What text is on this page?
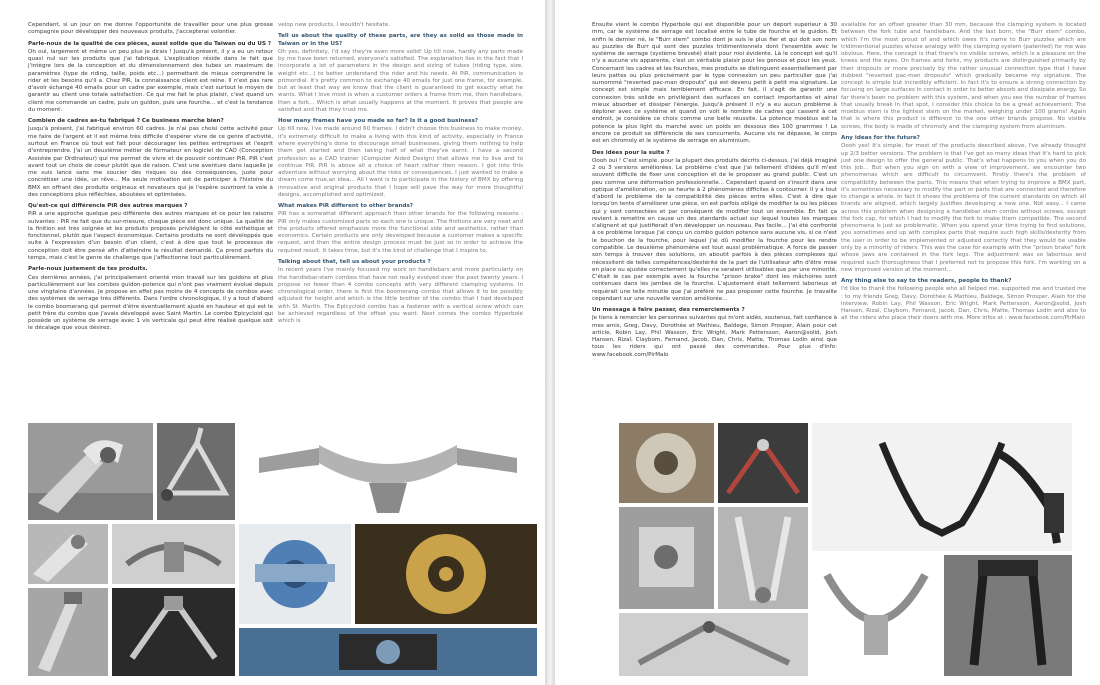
Cependant, si un jour on me donne l'opportunité de travailler pour une plus grosse compagnie pour développer des nouveaux produits, j'accepterai volontier.

Parle-nous de la qualité de ces pièces, aussi solide que du Taïwan ou du US ?

Oh oui, largement et même un peu plus je dirais ! Jusqu'à présent, il y a eu un retour quasi nul sur les produits que j'ai fabriqué. L'explication réside dans le fait que j'intègre lors de la conception et du dimensionnement des tubes un maximum de paramètres (type de riding, taille, poids etc...) permettant de mieux comprendre le rider et les besoins qu'il a. Chez PiR, la connaissance client est reine. Il n'est pas rare d'avoir échangé 40 emails pour un cadre par exemple, mais c'est surtout le moyen de garantir au client une totale satisfaction. Ce qui me fait le plus plaisir, c'est quand un client me commande un cadre, puis un guidon, puis une fourche... et c'est la tendance du moment.

Combien de cadres as-tu fabriqué ? Ce business marche bien?

Jusqu'à présent, j'ai fabriqué environ 60 cadres. Je n'ai pas choisi cette activité pour me faire de l'argent et il est même très difficile d'espérer vivre de ce genre d'activité, surtout en France où tout est fait pour décourager les petites entreprises et l'esprit d'entreprendre. J'ai un deuxième métier de formateur en logiciel de CAO (Conception Assistée par Ordinateur) qui me permet de vivre et de pouvoir continuer PiR. PiR c'est avant tout un choix de coeur plutôt que de raison. C'est une aventure dans laquelle je me suis lancé sans me soucier des risques ou des conséquences, juste pour concrétiser une idée, un rêve... Ma seule motivation est de participer à l'histoire du BMX en offrant des produits originaux et novateurs qui je l'espère ouvriront la voie à des conceptions plus réfléchies, aboutées et optimisées.

Qu'est-ce qui différencie PiR des autres marques ?

PiR a une approche quelque peu différente des autres marques et ce pour les raisons suivantes : PiR ne fait que du sur-mesure, chaque pièce est donc unique. La qualité de la finition est très soignée et les produits proposés privilégient le côté esthétique et fonctionnel, plutôt que l'aspect économique. Certains produits ne sont développés que suite à l'expression d'un besoin d'un client, c'est à dire que tout le processus de conception doit être pensé afin d'atteindre le résultat demandé. Ça prend parfois du temps, mais c'est le genre de challenge que j'affectionne tout particulièrement.

Parle-nous justement de tes produits.

Ces dernières années, j'ai principalement orienté mon travail sur les guidons et plus particulièrement sur les combos guidon-potence qui n'ont pas vraiment évolué depuis une vingtaine d'années. Je propose en effet pas moins de 4 concepts de combos avec des systèmes de serrage très différents. Dans l'ordre chronologique, il y a tout d'abord le combo boomerang qui permet d'être éventuellement ajusté en hauteur et qui est le petit frère du combo que j'avais développé avec Saint Martin. Le combo Epicycloid qui possède un système de serrage avec 1 vis verticale qui peut être réalisé quelque soit le décalage que vous désirez.

velop new products, I wouldn't hesitate.

Tell us about the quality of these parts, are they as solid as those made in Taiwan or in the US?

Oh yes, definitely, I'd say they're even more solid! Up till now, hardly any parts made by me have been returned, everyone's satisfied. The explanation lies in the fact that I incorporate a lot of parameters in the design and sizing of tubes (riding type, size, weight etc...) to better understand the rider and his needs. At PiR, communication is primordial. It's pretty common to exchange 40 emails for just one frame, for example, but at least that way we know that the client is guaranteed to get exactly what he wants. What I love most is when a customer orders a frame from me, then handlebars, then a fork... Which is what usually happens at the moment. It proves that people are satisfied and that they trust me.

How many frames have you made so far? Is it a good business?

Up till now, I've made around 60 frames. I didn't choose this business to make money, it's extremely difficult to make a living with this kind of activity, especially in France where everything's done to discourage small businesses, giving them nothing to help them get started and then taking half of what they've earnt. I have a second profession as a CAD trainer (Computer Aided Design) that allows me to live and to continue PiR. PiR is above all a choice of heart rather then reason. I got into this adventure without worrying about the risks or consequences, I just wanted to make a dream come true,an idea... All I want is to participate in the history of BMX by offering innovative and original products that I hope will pave the way for more thoughtful designs, accomplished and optimized.

What makes PiR different to other brands?

PiR has a somewhat different approach than other brands for the following reasons : PiR only makes customized parts so each one is unique. The finitions are very neat and the products offered emphasize more the functional side and aesthetics, rather than economics. Certain products are only developed because a customer makes a specific request, and then the entire design process must be just so in order to achieve the required result. It takes time, but it's the kind of challenge that I inspire to.

Talking about that, tell us about your products ?

In recent years I've mainly focused my work on handlebars and more particularly on the handlebar-stem combos that have not really evolved over the past twenty years. I propose no fewer than 4 combo concepts with very different clamping systems. In chronological order, there is first the boomerang combo that allows it to be possibly adjusted for height and which is the little brother of the combo that I had developed with St. Martin. The Epicycloid combo has a fastener with a vertical screw which can be achieved regardless of the offset you want. Next comes the combo Hyperbole which is

Ensuite vient le combo Hyperbole qui est disponible pour un déport supérieur à 30 mm, car le système de serrage est localisé entre le tube de fourche et le guidon. Et enfin le dernier né, le "Burr stem" combo dont je suis le plus fier et qui doit son nom au puzzles de Burr qui sont des puzzles tridimentionnels dont l'ensemble avec le système de serrage (système breveté) était pour moi évidente. Là le concept est qu'il n'y a aucune vis apparente, c'est un véritable plaisir pour les genoux et pour les yeux. Concernant les cadres et les fourches, mes produits se distinguent essentiellement par leurs pattes ou plus précisément par le type connexion un peu particulier que j'ai surnommé "reverted pac-man dropouts" qui est devenu petit à petit ma signature. Le concept est simple mais terriblement efficace. En fait, il s'agit de garantir une connexion très solide en privilégiant des surfaces en contact importantes et ainsi mieux absorber et dissiper l'énergie. Jusqu'à présent il n'y a eu aucun problème à déplorer avec ce système et quand on voit le nombre de cadres qui cassent à cet endroit, je considère ce choix comme une belle réussite. La potence moebius est la potence la plus light du marché avec un poids en dessous des 100 grammes ! La encore ce produit se différencie de ses concurrents. Aucune vis ne dépasse, le corps est en chromoly et le système de serrage en aluminium.

Des idées pour la suite ?

Oooh oui ! C'est simple, pour la plupart des produits décrits ci-dessus, j'ai déjà imaginé 2 ou 3 versions améliorées. Le problème c'est que j'ai tellement d'idées qu'il m'est souvent difficile de fixer une conception et de le proposer au grand public. C'est un peu comme une déformation professionnelle... Cependant quand on s'inscrit dans une optique d'amélioration, on se heurte à 2 phénomènes difficiles à contourner. Il y a tout d'abord le problème de la compatibilité des pièces entre elles. C'est à dire que lorsqu'on tente d'améliorer une pièce, on est parfois obligé de modifier la ou les pièces qui y sont connectées et par conséquent de modifier tout un ensemble. En fait ça revient à remettre en cause un des standards actuel sur lequel toutes les marques s'alignent et qui justifierait d'en développer un nouveau. Pas facile... J'ai été confronté à ce problème lorsque j'ai conçu un combo guidon potence sans aucune vis, si ce n'est le bouchon de la fourche, pour lequel j'ai dû modifier la fourche pour les rendre compatible. Le deuxième phénomène est tout aussi problématique. A force de passer son temps à trouver des solutions, on aboutit parfois à des pièces complexes qui nécessitent de telles compétences/dextérité de la part de l'utilisateur afin d'être mise en place ou ajustée correctement qu'elles ne seraient utilisables que par une minorité. C'était le cas par exemple avec la fourche "prison brake" dont les mâchoires sont contenues dans les jambes de la fourche. L'ajustement était tellement laborieux et requérait une telle minutie que j'ai préféré ne pas proposer cette fourche. Je travaille cependant sur une nouvelle version améliorée...

Un message à faire passer, des remerciements ?

Je tiens à remercier les personnes suivantes qui m'ont aidés, soutenus, fait confiance à mes amis, Greg, Davy, Dorothée et Mathieu, Baldege, Simon Prosper, Alain pour cet article, Robin Lay, Phil Wasson, Eric Wright, Mark Pettersson, Aaron@solid, Josh Hansen, Rizal, Claybom, Fernand, Jacob, Dan, Chris, Matte, Thomas Lodin ainsi que tous les riders qui ont passé des commandes. Pour plus d'info: www.facebook.com/PirMalo

available for an offset greater than 30 mm, because the clamping system is located between the fork tube and handlebars. And the last born, the "Burr stem" combo, which I'm the most proud of and which owes it's name to Burr puzzles which are tridimentional puzzles whose analogy with the clamping system (patented) for me was obvious. Here, the concept is that there's no visible screws, which is a pleasure on the knees and the eyes. On frames and forks, my products are distinguished primarily by their dropouts or more precisely by the rather unusual connection type that I have dubbed "reverted pac-man dropouts" which gradually became my signature. The concept is simple but incredibly efficient. In fact it's to ensure a strong connection by focusing on large surfaces in contact in order to better absorb and dissipate energy. So far there's been no problem with this system, and when you see the number of frames that usually break in that spot, I consider this choice to be a great achievement. The moebius stem is the lightest stem on the market, weighing under 100 grams! Again that is where this product is different to the one other brands propose. No visible screws, the body is made of chromoly and the clamping system from aluminum.

Any ideas for the future?

Oooh yes! It's simple, for most of the products described above, I've already thought up 2/3 better versions. The problem is that I've got so many ideas that it's hard to pick just one design to offer the general public. That's what happens to you when you do this job... But when you sign on with a view of improvement, we encounter two phenomenas which are difficult to circumvent. Firstly there's the problem of compatibility between the parts. This means that when trying to improve a BMX part, it's sometimes necessary to modify the part or parts that are connected and therefore to change a whole. In fact it shows the problems of the current standards on which all brands are aligned, which largely justifies developing a new one. Not easy... I came across this problem when designing a handlebar stem combo without screws, except the fork cap, for which I had to modify the fork to make them compatible. The second phenomena is just as problematic. When you spend your time trying to find solutions, you sometimes end up with complex parts that require such high skills/dexterity from the user in order to be implemented or adjusted correctly that they would be usable only by a minority of riders. This was the case for example with the "prison brake" fork whose jaws are contained in the fork legs. The adjustment was so laborious and required such thoroughness that I preferred not to propose this fork. I'm working on a new improved version at the moment...

Any thing else to say to the readers, people to thank?

I'd like to thank the following people who all helped me, supported me and trusted me : to my friends Greg, Davy, Dorothée & Mathieu, Baldege, Simon Prosper, Alain for the interview, Robin Lay, Phil Wasson, Eric Wright, Mark Pettersson, Aaron@solid, Josh Hansen, Rizal, Claybom, Fernand, Jacob, Dan, Chris, Matte, Thomas Lodin and also to all the riders who place their doers with me. More infos at : www.facebook.com/PirMalo
